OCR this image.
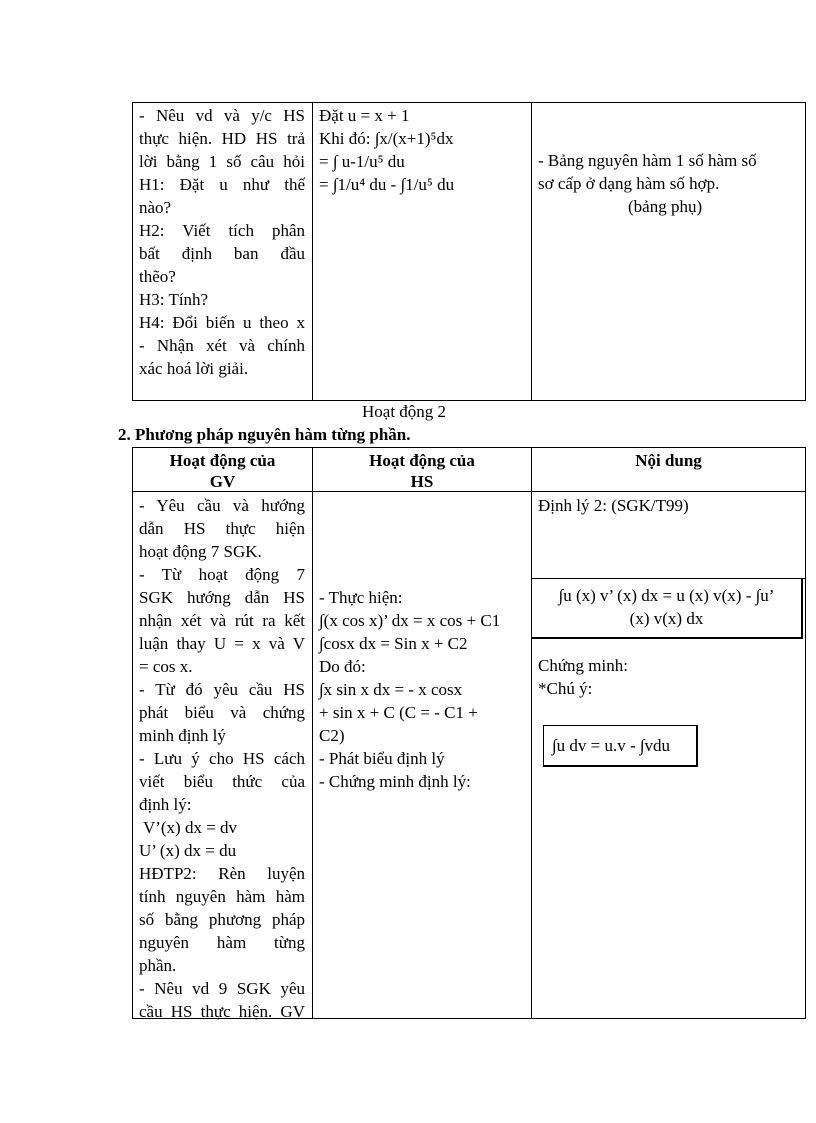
- Nêu vd và y/c HS
thực hiện. HD HS trả
lời bằng 1 số câu hỏi
H1: Đặt u như thế
nào?
H2: Viết tích phân
bất định ban đầu
thẽo?
H3: Tính?
H4: Đổi biến u theo x
- Nhận xét và chính
xác hoá lời giải.
Đặt u = x + 1
Khi đó: ∫x/(x+1)⁵dx
= ∫ u-1/u⁵ du
= ∫1/u⁴ du - ∫1/u⁵ du
- Bảng nguyên hàm 1 số hàm số
sơ cấp ở dạng hàm số hợp.
(bảng phụ)
Hoạt động 2
2. Phương pháp nguyên hàm từng phần.
Hoạt động của
GV
Hoạt động của
HS
Nội dung
- Yêu cầu và hướng
dẫn HS thực hiện
hoạt động 7 SGK.
- Từ hoạt động 7
SGK hướng dẫn HS
nhận xét và rút ra kết
luận thay U = x và V
= cos x.
- Từ đó yêu cầu HS
phát biểu và chứng
minh định lý
- Lưu ý cho HS cách
viết biểu thức của
định lý:
V’(x) dx = dv
U’ (x) dx = du
HĐTP2: Rèn luyện
tính nguyên hàm hàm
số bằng phương pháp
nguyên hàm từng
phần.
- Nêu vd 9 SGK yêu
cầu HS thực hiện. GV
- Thực hiện:
∫(x cos x)’ dx = x cos + C1
∫cosx dx = Sin x + C2
Do đó:
∫x sin x dx = - x cosx
+ sin x + C (C = - C1 +
C2)
- Phát biểu định lý
- Chứng minh định lý:
Định lý 2: (SGK/T99)
∫u (x) v’ (x) dx = u (x) v(x) - ∫u’
(x) v(x) dx
Chứng minh:
*Chú ý:
∫u dv = u.v - ∫vdu
